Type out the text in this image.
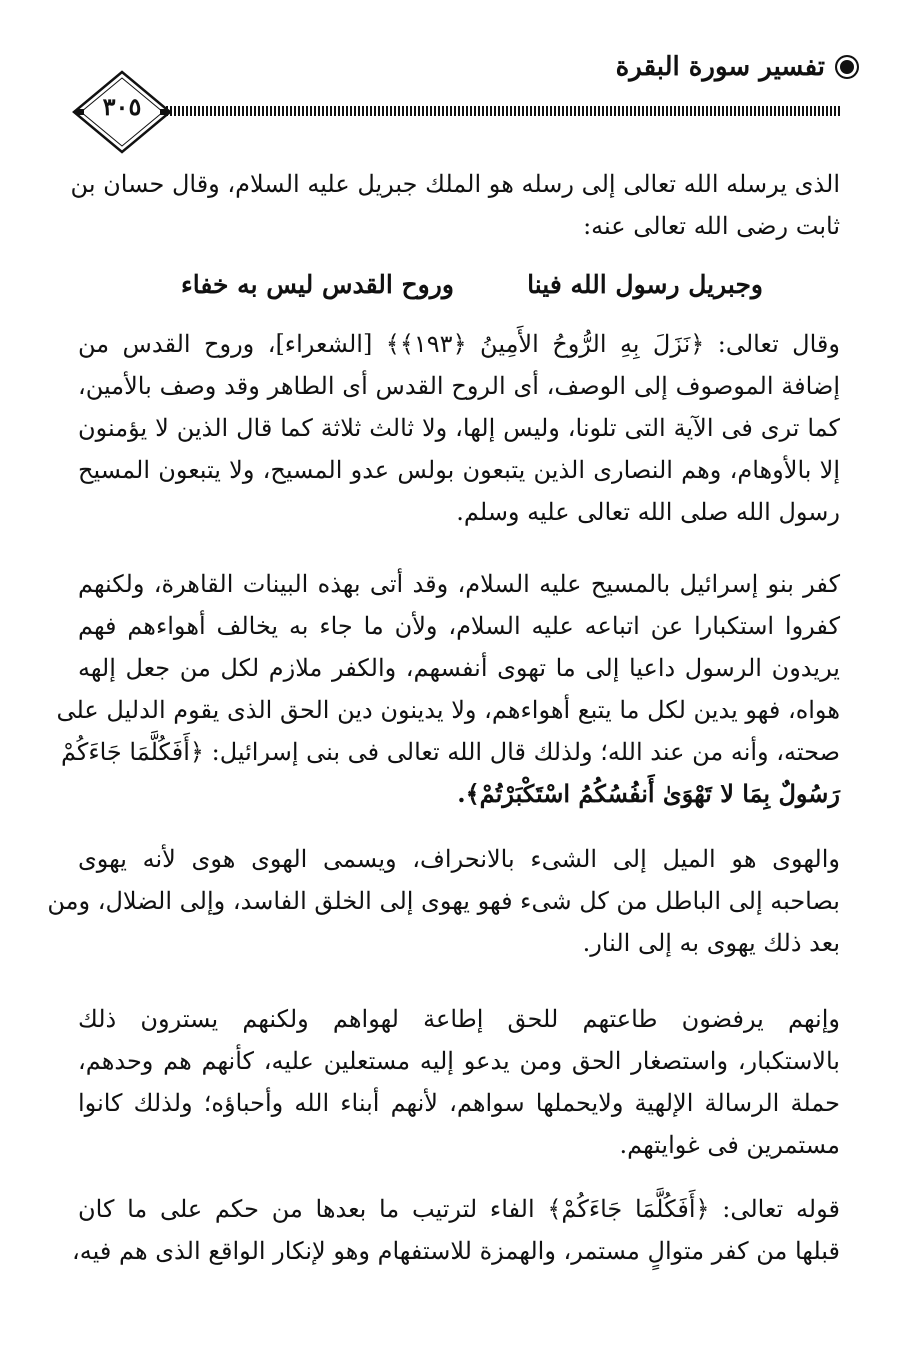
تفسير سورة البقرة
٣٠٥
الذى يرسله الله تعالى إلى رسله هو الملك جبريل عليه السلام، وقال حسان بن
ثابت رضى الله تعالى عنه:
وجبريل رسول الله فينا
وروح القدس ليس به خفاء
وقال تعالى: ﴿نَزَلَ بِهِ الرُّوحُ الأَمِينُ ﴿١٩٣﴾﴾ [الشعراء]، وروح القدس من
إضافة الموصوف إلى الوصف، أى الروح القدس أى الطاهر وقد وصف بالأمين،
كما ترى فى الآية التى تلونا، وليس إلها، ولا ثالث ثلاثة كما قال الذين لا يؤمنون
إلا بالأوهام، وهم النصارى الذين يتبعون بولس عدو المسيح، ولا يتبعون المسيح
رسول الله صلى الله تعالى عليه وسلم.
كفر بنو إسرائيل بالمسيح عليه السلام، وقد أتى بهذه البينات القاهرة، ولكنهم
كفروا استكبارا عن اتباعه عليه السلام، ولأن ما جاء به يخالف أهواءهم فهم
يريدون الرسول داعيا إلى ما تهوى أنفسهم، والكفر ملازم لكل من جعل إلهه
هواه، فهو يدين لكل ما يتبع أهواءهم، ولا يدينون دين الحق الذى يقوم الدليل على
صحته، وأنه من عند الله؛ ولذلك قال الله تعالى فى بنى إسرائيل: ﴿أَفَكُلَّمَا جَاءَكُمْ
رَسُولٌ بِمَا لا تَهْوَىٰ أَنفُسُكُمُ اسْتَكْبَرْتُمْ﴾.
والهوى هو الميل إلى الشىء بالانحراف، ويسمى الهوى هوى لأنه يهوى
بصاحبه إلى الباطل من كل شىء فهو يهوى إلى الخلق الفاسد، وإلى الضلال، ومن
بعد ذلك يهوى به إلى النار.
وإنهم يرفضون طاعتهم للحق إطاعة لهواهم ولكنهم يسترون ذلك
بالاستكبار، واستصغار الحق ومن يدعو إليه مستعلين عليه، كأنهم هم وحدهم،
حملة الرسالة الإلهية ولايحملها سواهم، لأنهم أبناء الله وأحباؤه؛ ولذلك كانوا
مستمرين فى غوايتهم.
قوله تعالى: ﴿أَفَكُلَّمَا جَاءَكُمْ﴾ الفاء لترتيب ما بعدها من حكم على ما كان
قبلها من كفر متوالٍ مستمر، والهمزة للاستفهام وهو لإنكار الواقع الذى هم فيه،
